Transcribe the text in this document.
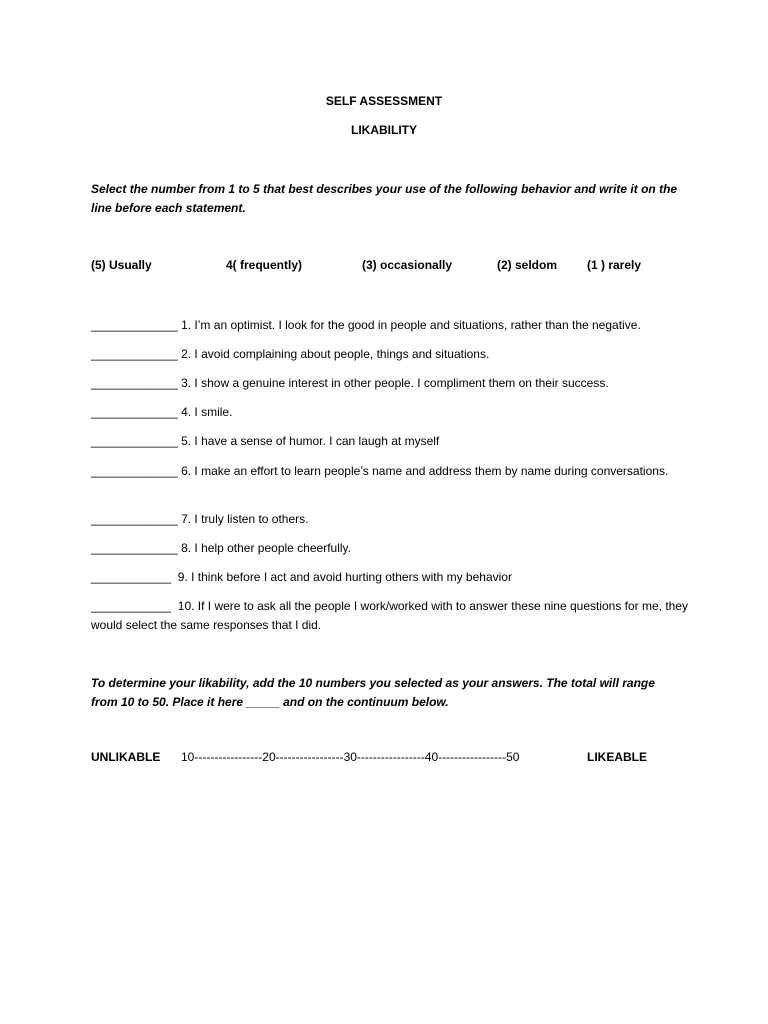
SELF ASSESSMENT
LIKABILITY
Select the number from 1 to 5 that best describes your use of the following behavior and write it on the line before each statement.
(5) Usually	4( frequently)	(3) occasionally	(2) seldom (1 ) rarely
_____________ 1. I’m an optimist. I look for the good in people and situations, rather than the negative.
_____________ 2. I avoid complaining about people, things and situations.
_____________ 3. I show a genuine interest in other people. I compliment them on their success.
_____________ 4. I smile.
_____________ 5. I have a sense of humor. I can laugh at myself
_____________ 6. I make an effort to learn people’s name and address them by name during conversations.
_____________ 7. I truly listen to others.
_____________ 8. I help other people cheerfully.
____________  9. I think before I act and avoid hurting others with my behavior
____________  10. If I were to ask all the people I work/worked with to answer these nine questions for me, they would select the same responses that I did.
To determine your likability, add the 10 numbers you selected as your answers. The total will range from 10 to 50. Place it here _____ and on the continuum below.
UNLIKABLE 10-----------------20-----------------30-----------------40-----------------50	LIKEABLE
